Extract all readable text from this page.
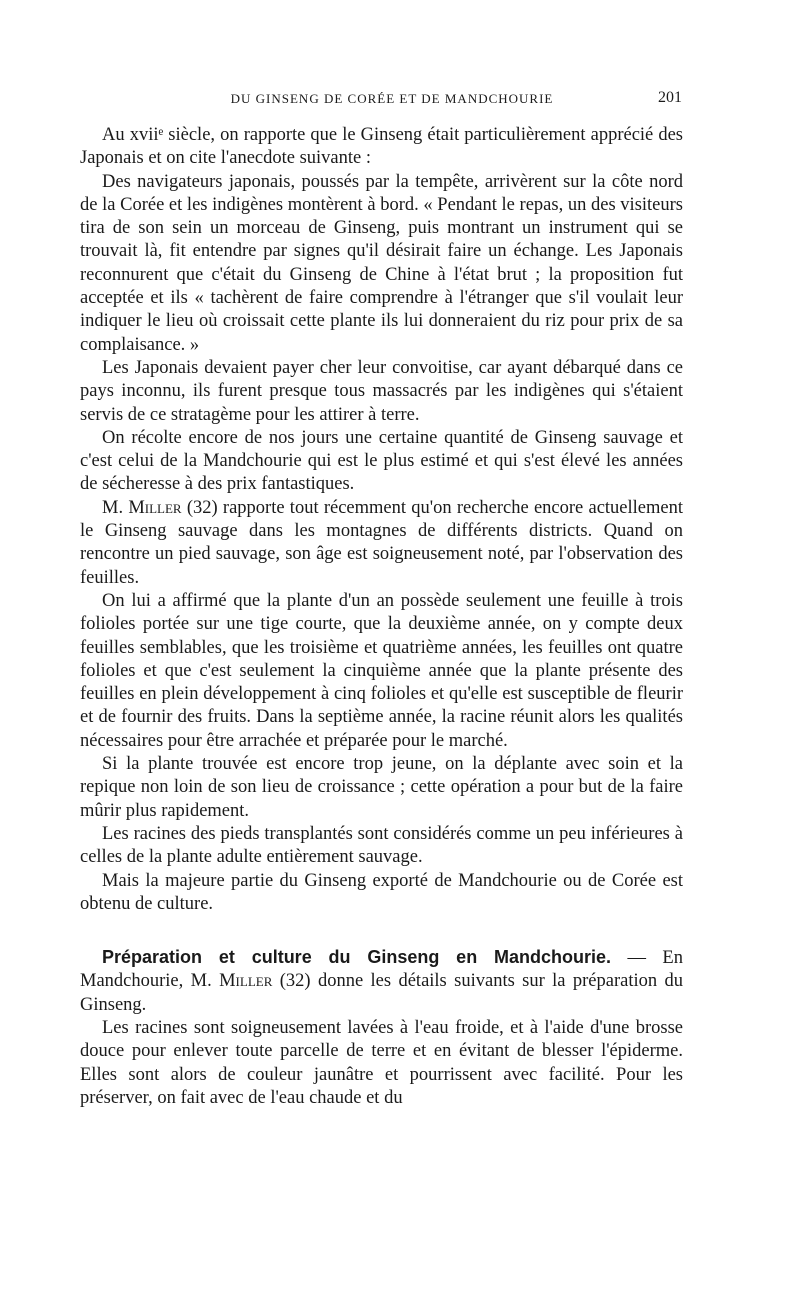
DU GINSENG DE CORÉE ET DE MANDCHOURIE	201

Au xviiᵉ siècle, on rapporte que le Ginseng était particulièrement apprécié des Japonais et on cite l'anecdote suivante :

Des navigateurs japonais, poussés par la tempête, arrivèrent sur la côte nord de la Corée et les indigènes montèrent à bord. « Pendant le repas, un des visiteurs tira de son sein un morceau de Ginseng, puis montrant un instrument qui se trouvait là, fit entendre par signes qu'il désirait faire un échange. Les Japonais reconnurent que c'était du Ginseng de Chine à l'état brut ; la proposition fut acceptée et ils « tachèrent de faire comprendre à l'étranger que s'il voulait leur indiquer le lieu où croissait cette plante ils lui donneraient du riz pour prix de sa complaisance. »

Les Japonais devaient payer cher leur convoitise, car ayant débarqué dans ce pays inconnu, ils furent presque tous massacrés par les indigènes qui s'étaient servis de ce stratagème pour les attirer à terre.

On récolte encore de nos jours une certaine quantité de Ginseng sauvage et c'est celui de la Mandchourie qui est le plus estimé et qui s'est élevé les années de sécheresse à des prix fantastiques.

M. Miller (32) rapporte tout récemment qu'on recherche encore actuellement le Ginseng sauvage dans les montagnes de différents districts. Quand on rencontre un pied sauvage, son âge est soigneusement noté, par l'observation des feuilles.

On lui a affirmé que la plante d'un an possède seulement une feuille à trois folioles portée sur une tige courte, que la deuxième année, on y compte deux feuilles semblables, que les troisième et quatrième années, les feuilles ont quatre folioles et que c'est seulement la cinquième année que la plante présente des feuilles en plein développement à cinq folioles et qu'elle est susceptible de fleurir et de fournir des fruits. Dans la septième année, la racine réunit alors les qualités nécessaires pour être arrachée et préparée pour le marché.

Si la plante trouvée est encore trop jeune, on la déplante avec soin et la repique non loin de son lieu de croissance ; cette opération a pour but de la faire mûrir plus rapidement.

Les racines des pieds transplantés sont considérés comme un peu inférieures à celles de la plante adulte entièrement sauvage.

Mais la majeure partie du Ginseng exporté de Mandchourie ou de Corée est obtenu de culture.

Préparation et culture du Ginseng en Mandchourie. — En Mandchourie, M. Miller (32) donne les détails suivants sur la préparation du Ginseng.

Les racines sont soigneusement lavées à l'eau froide, et à l'aide d'une brosse douce pour enlever toute parcelle de terre et en évitant de blesser l'épiderme. Elles sont alors de couleur jaunâtre et pourrissent avec facilité. Pour les préserver, on fait avec de l'eau chaude et du
